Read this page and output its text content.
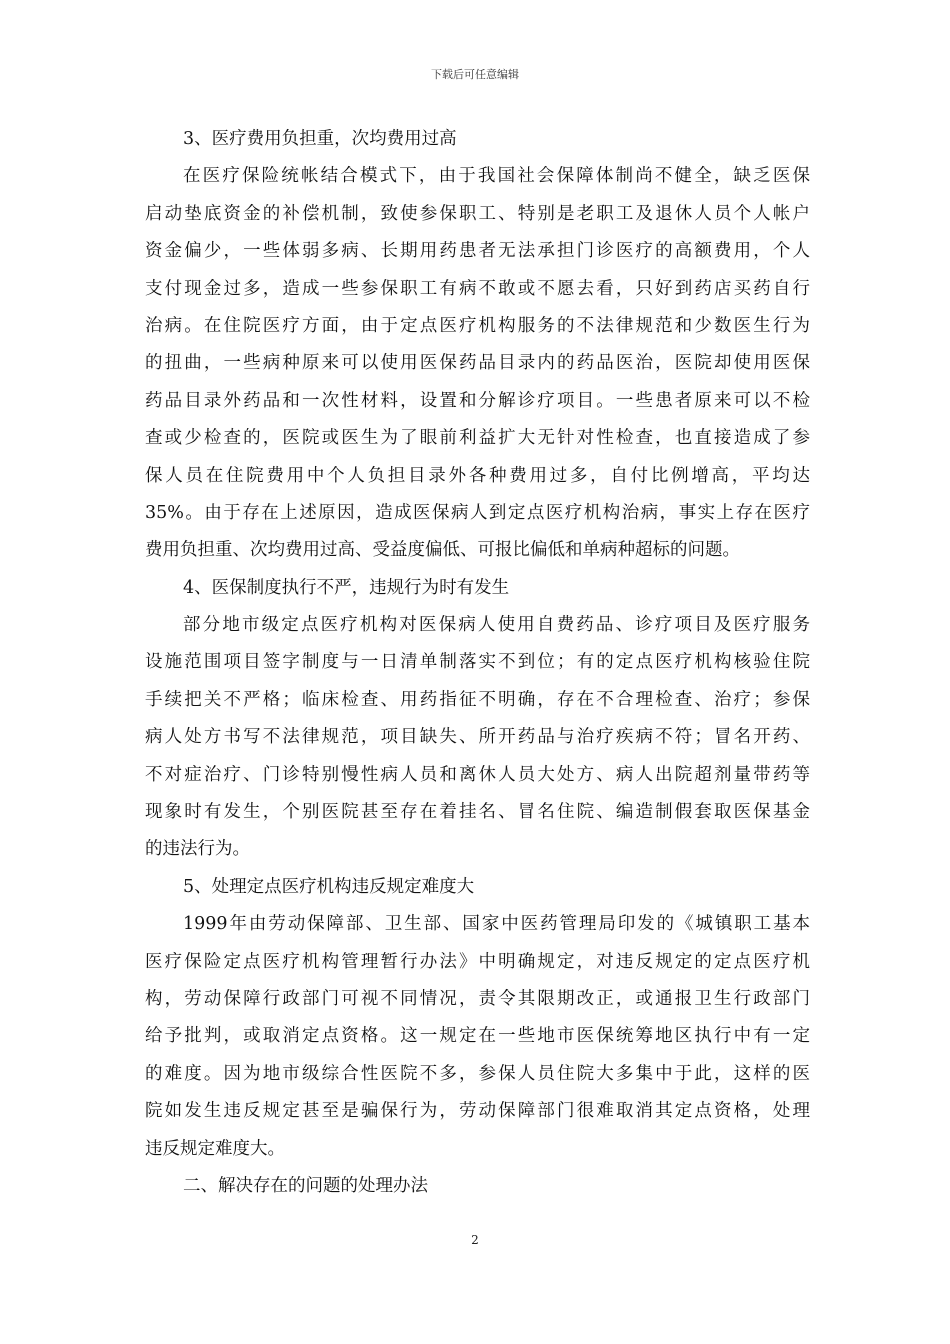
下载后可任意编辑
3、医疗费用负担重，次均费用过高
在医疗保险统帐结合模式下，由于我国社会保障体制尚不健全，缺乏医保
启动垫底资金的补偿机制，致使参保职工、特别是老职工及退休人员个人帐户
资金偏少，一些体弱多病、长期用药患者无法承担门诊医疗的高额费用，个人
支付现金过多，造成一些参保职工有病不敢或不愿去看，只好到药店买药自行
治病。在住院医疗方面，由于定点医疗机构服务的不法律规范和少数医生行为
的扭曲，一些病种原来可以使用医保药品目录内的药品医治，医院却使用医保
药品目录外药品和一次性材料，设置和分解诊疗项目。一些患者原来可以不检
查或少检查的，医院或医生为了眼前利益扩大无针对性检查，也直接造成了参
保人员在住院费用中个人负担目录外各种费用过多，自付比例增高，平均达
35%。由于存在上述原因，造成医保病人到定点医疗机构治病，事实上存在医疗
费用负担重、次均费用过高、受益度偏低、可报比偏低和单病种超标的问题。
4、医保制度执行不严，违规行为时有发生
部分地市级定点医疗机构对医保病人使用自费药品、诊疗项目及医疗服务
设施范围项目签字制度与一日清单制落实不到位；有的定点医疗机构核验住院
手续把关不严格；临床检查、用药指征不明确，存在不合理检查、治疗；参保
病人处方书写不法律规范，项目缺失、所开药品与治疗疾病不符；冒名开药、
不对症治疗、门诊特别慢性病人员和离休人员大处方、病人出院超剂量带药等
现象时有发生，个别医院甚至存在着挂名、冒名住院、编造制假套取医保基金
的违法行为。
5、处理定点医疗机构违反规定难度大
1999年由劳动保障部、卫生部、国家中医药管理局印发的《城镇职工基本
医疗保险定点医疗机构管理暂行办法》中明确规定，对违反规定的定点医疗机
构，劳动保障行政部门可视不同情况，责令其限期改正，或通报卫生行政部门
给予批判，或取消定点资格。这一规定在一些地市医保统筹地区执行中有一定
的难度。因为地市级综合性医院不多，参保人员住院大多集中于此，这样的医
院如发生违反规定甚至是骗保行为，劳动保障部门很难取消其定点资格，处理
违反规定难度大。
二、解决存在的问题的处理办法
2
